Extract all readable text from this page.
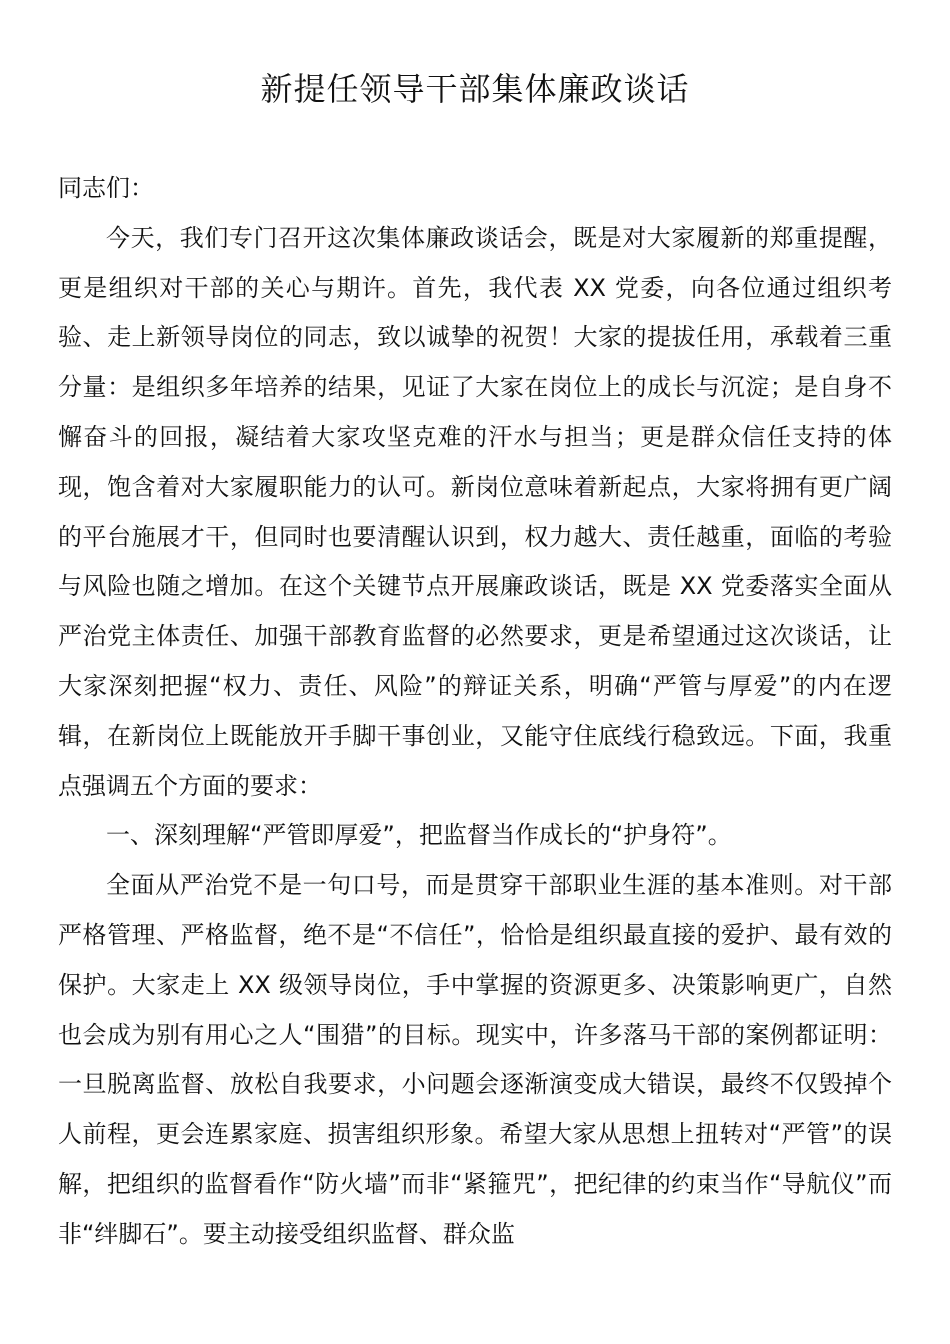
新提任领导干部集体廉政谈话

同志们：

今天，我们专门召开这次集体廉政谈话会，既是对大家履新的郑重提醒，更是组织对干部的关心与期许。首先，我代表 XX 党委，向各位通过组织考验、走上新领导岗位的同志，致以诚挚的祝贺！大家的提拔任用，承载着三重分量：是组织多年培养的结果，见证了大家在岗位上的成长与沉淀；是自身不懈奋斗的回报，凝结着大家攻坚克难的汗水与担当；更是群众信任支持的体现，饱含着对大家履职能力的认可。新岗位意味着新起点，大家将拥有更广阔的平台施展才干，但同时也要清醒认识到，权力越大、责任越重，面临的考验与风险也随之增加。在这个关键节点开展廉政谈话，既是 XX 党委落实全面从严治党主体责任、加强干部教育监督的必然要求，更是希望通过这次谈话，让大家深刻把握“权力、责任、风险”的辩证关系，明确“严管与厚爱”的内在逻辑，在新岗位上既能放开手脚干事创业，又能守住底线行稳致远。下面，我重点强调五个方面的要求：

一、深刻理解“严管即厚爱”，把监督当作成长的“护身符”。

全面从严治党不是一句口号，而是贯穿干部职业生涯的基本准则。对干部严格管理、严格监督，绝不是“不信任”，恰恰是组织最直接的爱护、最有效的保护。大家走上 XX 级领导岗位，手中掌握的资源更多、决策影响更广，自然也会成为别有用心之人“围猎”的目标。现实中，许多落马干部的案例都证明：一旦脱离监督、放松自我要求，小问题会逐渐演变成大错误，最终不仅毁掉个人前程，更会连累家庭、损害组织形象。希望大家从思想上扭转对“严管”的误解，把组织的监督看作“防火墙”而非“紧箍咒”，把纪律的约束当作“导航仪”而非“绊脚石”。要主动接受组织监督、群众监
